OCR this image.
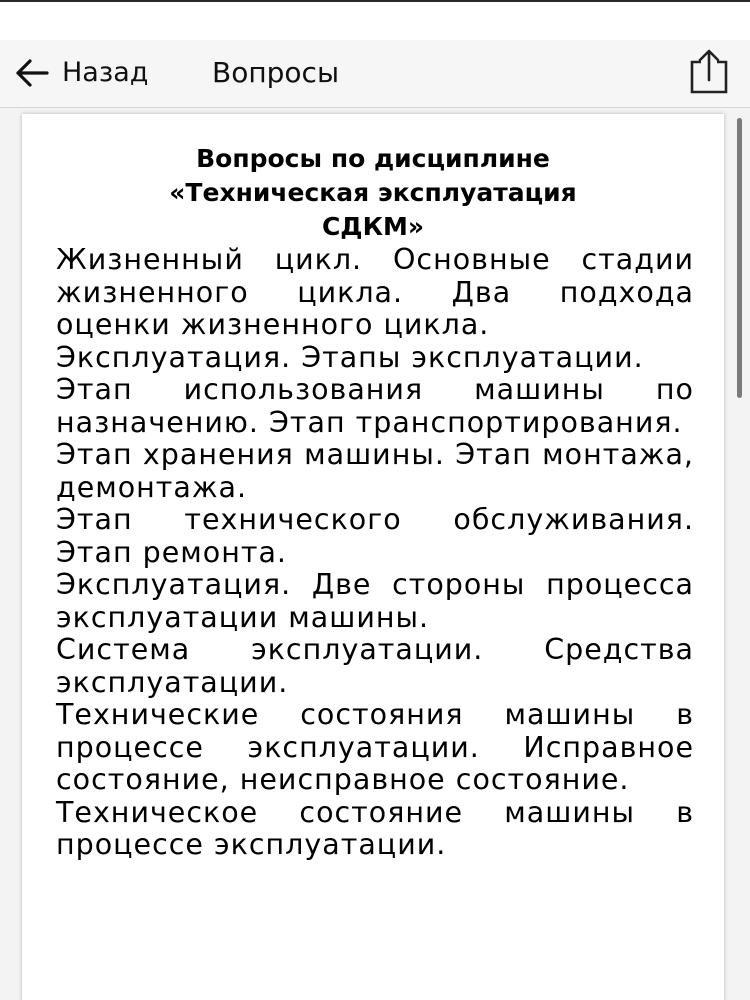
Назад Вопросы
Вопросы по дисциплине
«Техническая эксплуатация
СДКМ»

Жизненный цикл. Основные стадии жизненного цикла. Два подхода оценки жизненного цикла.

Эксплуатация. Этапы эксплуатации.

Этап использования машины по назначению. Этап транспортирования.

Этап хранения машины. Этап монтажа, демонтажа.

Этап технического обслуживания. Этап ремонта.

Эксплуатация. Две стороны процесса эксплуатации машины.

Система эксплуатации. Средства эксплуатации.

Технические состояния машины в процессе эксплуатации. Исправное состояние, неисправное состояние.

Техническое состояние машины в процессе эксплуатации.
